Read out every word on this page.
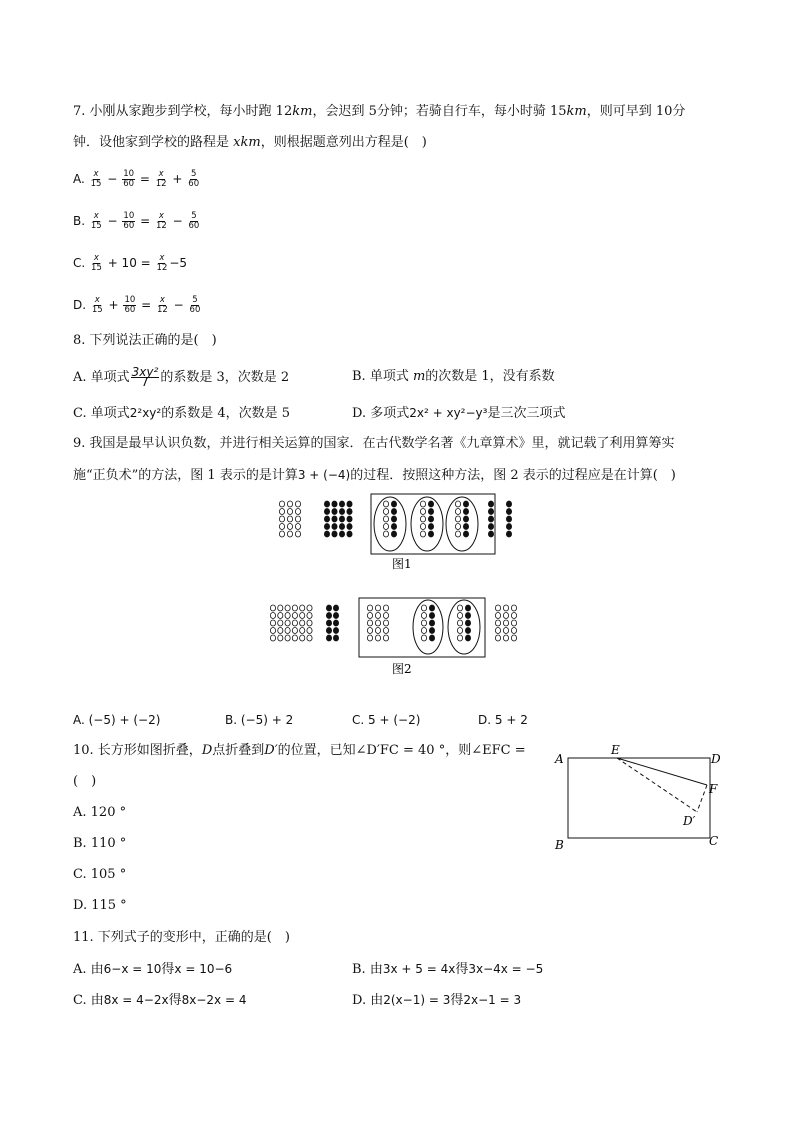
7. 小刚从家跑步到学校，每小时跑 12km，会迟到 5分钟；若骑自行车，每小时骑 15km，则可早到 10分
钟．设他家到学校的路程是 xkm，则根据题意列出方程是(　)
A. $\frac{x}{15} - \frac{10}{60} = \frac{x}{12} + \frac{5}{60}$
B. $\frac{x}{15} - \frac{10}{60} = \frac{x}{12} - \frac{5}{60}$
C. $\frac{x}{15} + 10 = \frac{x}{12} -5$
D. $\frac{x}{15} + \frac{10}{60} = \frac{x}{12} - \frac{5}{60}$
8. 下列说法正确的是(　)
A. 单项式 $\frac{\text{3xy²}}{7}$ 的系数是 3，次数是 2	B. 单项式 m的次数是 1，没有系数
C. 单项式2²xy²的系数是 4，次数是 5	D. 多项式2x² + xy²−y³是三次三项式
9. 我国是最早认识负数，并进行相关运算的国家．在古代数学名著《九章算术》里，就记载了利用算筹实
施“正负术”的方法，图 1 表示的是计算3 + (−4)的过程．按照这种方法，图 2 表示的过程应是在计算(　)
图1
图2
A. (−5) + (−2)	B. (−5) + 2	C. 5 + (−2)	D. 5 + 2
10. 长方形如图折叠，D点折叠到D′的位置，已知∠D′FC = 40 °，则∠EFC =
(　)
A. 120 °
B. 110 °
C. 105 °
D. 115 °
A
E
D
F
D′
B	C
11. 下列式子的变形中，正确的是(　)
A. 由6−x = 10得x = 10−6	B. 由3x + 5 = 4x得3x−4x = −5
C. 由8x = 4−2x得8x−2x = 4	D. 由2(x−1) = 3得2x−1 = 3
